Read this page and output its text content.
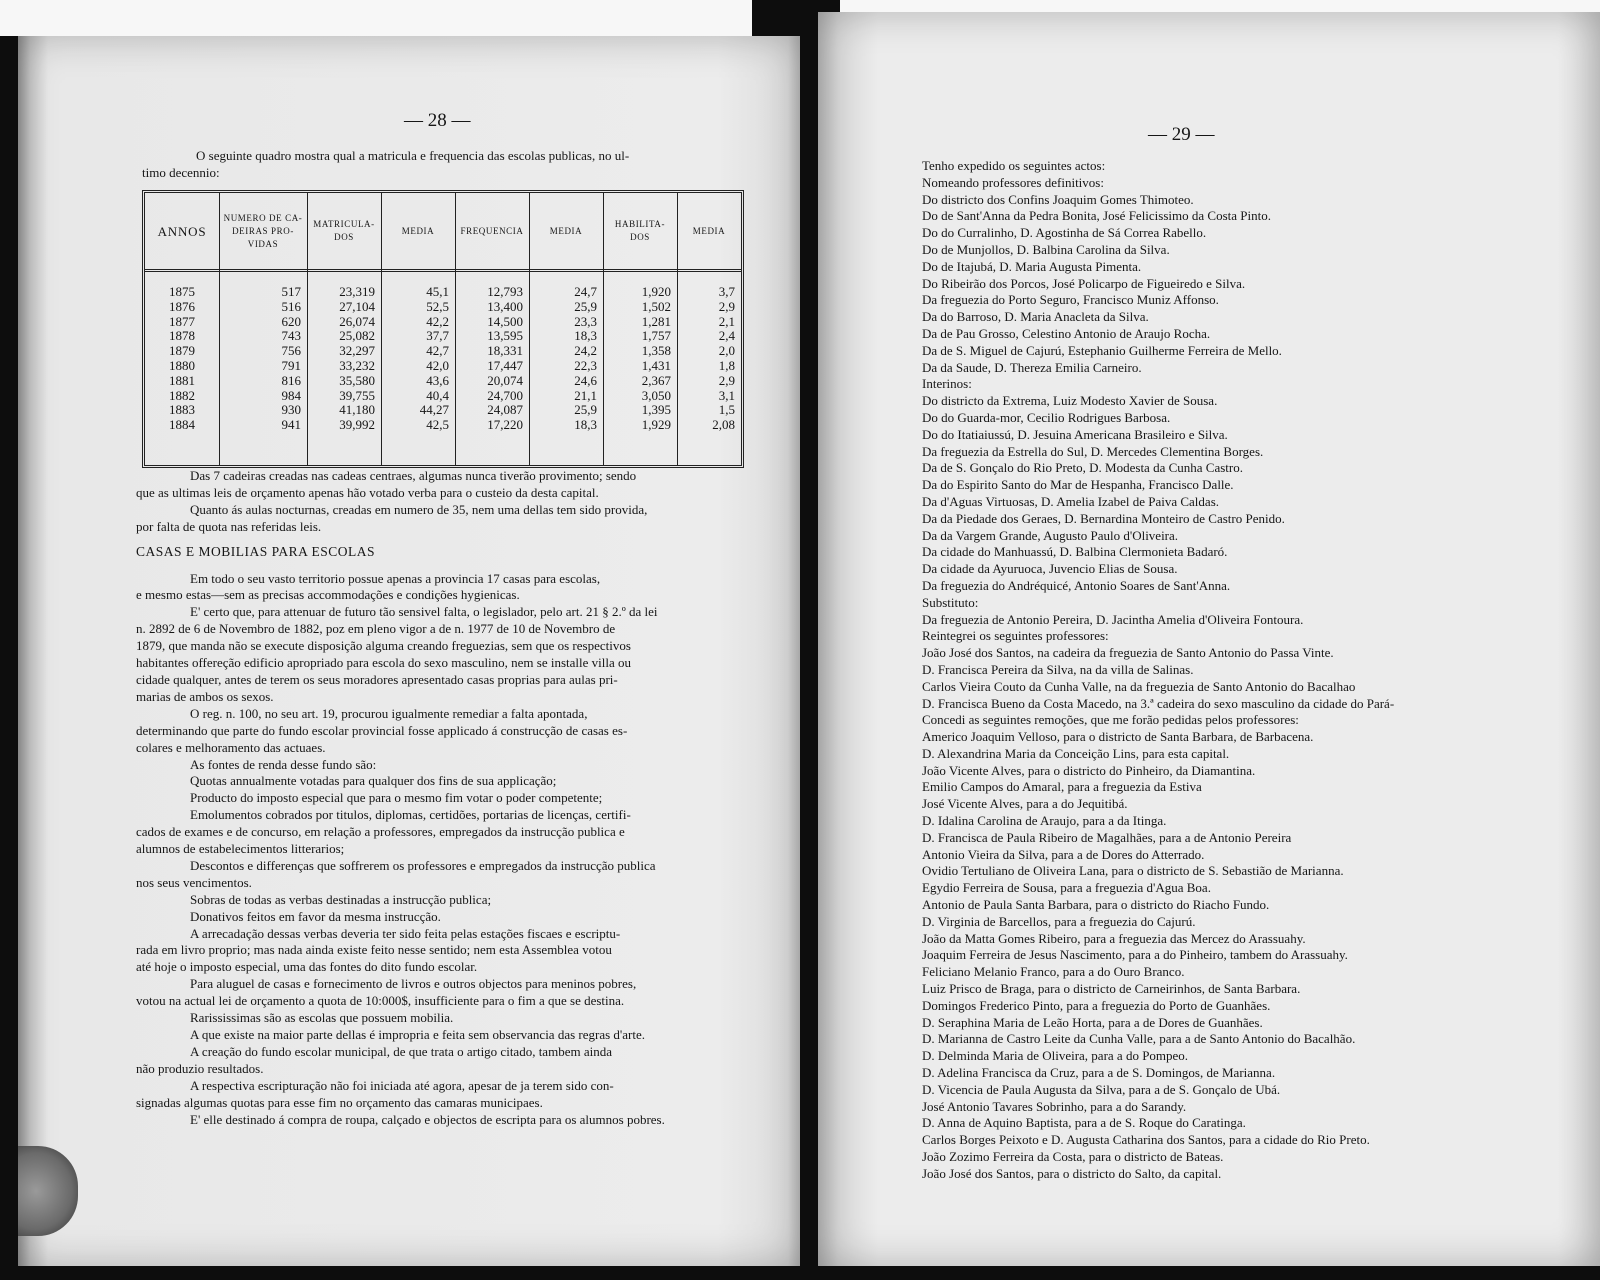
— 28 —

O seguinte quadro mostra qual a matricula e frequencia das escolas publicas, no ul-

timo decennio:

ANNOS
1875
1876
1877
1878
1879
1880
1881
1882
1883
1884
NUMERO DE CA-DEIRAS PRO-VIDAS
517
516
620
743
756
791
816
984
930
941
MATRICULA-DOS
23,319
27,104
26,074
25,082
32,297
33,232
35,580
39,755
41,180
39,992
MEDIA
45,1
52,5
42,2
37,7
42,7
42,0
43,6
40,4
44,27
42,5
FREQUENCIA
12,793
13,400
14,500
13,595
18,331
17,447
20,074
24,700
24,087
17,220
MEDIA
24,7
25,9
23,3
18,3
24,2
22,3
24,6
21,1
25,9
18,3
HABILITA-DOS
1,920
1,502
1,281
1,757
1,358
1,431
2,367
3,050
1,395
1,929
MEDIA
3,7
2,9
2,1
2,4
2,0
1,8
2,9
3,1
1,5
2,08

Das 7 cadeiras creadas nas cadeas centraes, algumas nunca tiverão provimento; sendo

que as ultimas leis de orçamento apenas hão votado verba para o custeio da desta capital.

Quanto ás aulas nocturnas, creadas em numero de 35, nem uma dellas tem sido provida,

por falta de quota nas referidas leis.

CASAS E MOBILIAS PARA ESCOLAS

Em todo o seu vasto territorio possue apenas a provincia 17 casas para escolas,

e mesmo estas—sem as precisas accommodações e condições hygienicas.

E' certo que, para attenuar de futuro tão sensivel falta, o legislador, pelo art. 21 § 2.º da lei

n. 2892 de 6 de Novembro de 1882, poz em pleno vigor a de n. 1977 de 10 de Novembro de

1879, que manda não se execute disposição alguma creando freguezias, sem que os respectivos

habitantes offereção edificio apropriado para escola do sexo masculino, nem se installe villa ou

cidade qualquer, antes de terem os seus moradores apresentado casas proprias para aulas pri-

marias de ambos os sexos.

O reg. n. 100, no seu art. 19, procurou igualmente remediar a falta apontada,

determinando que parte do fundo escolar provincial fosse applicado á construcção de casas es-

colares e melhoramento das actuaes.

As fontes de renda desse fundo são:

Quotas annualmente votadas para qualquer dos fins de sua applicação;

Producto do imposto especial que para o mesmo fim votar o poder competente;

Emolumentos cobrados por titulos, diplomas, certidões, portarias de licenças, certifi-

cados de exames e de concurso, em relação a professores, empregados da instrucção publica e

alumnos de estabelecimentos litterarios;

Descontos e differenças que soffrerem os professores e empregados da instrucção publica

nos seus vencimentos.

Sobras de todas as verbas destinadas a instrucção publica;

Donativos feitos em favor da mesma instrucção.

A arrecadação dessas verbas deveria ter sido feita pelas estações fiscaes e escriptu-

rada em livro proprio; mas nada ainda existe feito nesse sentido; nem esta Assemblea votou

até hoje o imposto especial, uma das fontes do dito fundo escolar.

Para aluguel de casas e fornecimento de livros e outros objectos para meninos pobres,

votou na actual lei de orçamento a quota de 10:000$, insufficiente para o fim a que se destina.

Rarississimas são as escolas que possuem mobilia.

A que existe na maior parte dellas é impropria e feita sem observancia das regras d'arte.

A creação do fundo escolar municipal, de que trata o artigo citado, tambem ainda

não produzio resultados.

A respectiva escripturação não foi iniciada até agora, apesar de ja terem sido con-

signadas algumas quotas para esse fim no orçamento das camaras municipaes.

E' elle destinado á compra de roupa, calçado e objectos de escripta para os alumnos pobres.

— 29 —

Tenho expedido os seguintes actos:

Nomeando professores definitivos:

Do districto dos Confins Joaquim Gomes Thimoteo.

Do de Sant'Anna da Pedra Bonita, José Felicissimo da Costa Pinto.

Do do Curralinho, D. Agostinha de Sá Correa Rabello.

Do de Munjollos, D. Balbina Carolina da Silva.

Do de Itajubá, D. Maria Augusta Pimenta.

Do Ribeirão dos Porcos, José Policarpo de Figueiredo e Silva.

Da freguezia do Porto Seguro, Francisco Muniz Affonso.

Da do Barroso, D. Maria Anacleta da Silva.

Da de Pau Grosso, Celestino Antonio de Araujo Rocha.

Da de S. Miguel de Cajurú, Estephanio Guilherme Ferreira de Mello.

Da da Saude, D. Thereza Emilia Carneiro.

Interinos:

Do districto da Extrema, Luiz Modesto Xavier de Sousa.

Do do Guarda-mor, Cecilio Rodrigues Barbosa.

Do do Itatiaiussú, D. Jesuina Americana Brasileiro e Silva.

Da freguezia da Estrella do Sul, D. Mercedes Clementina Borges.

Da de S. Gonçalo do Rio Preto, D. Modesta da Cunha Castro.

Da do Espirito Santo do Mar de Hespanha, Francisco Dalle.

Da d'Aguas Virtuosas, D. Amelia Izabel de Paiva Caldas.

Da da Piedade dos Geraes, D. Bernardina Monteiro de Castro Penido.

Da da Vargem Grande, Augusto Paulo d'Oliveira.

Da cidade do Manhuassú, D. Balbina Clermonieta Badaró.

Da cidade da Ayuruoca, Juvencio Elias de Sousa.

Da freguezia do Andréquicé, Antonio Soares de Sant'Anna.

Substituto:

Da freguezia de Antonio Pereira, D. Jacintha Amelia d'Oliveira Fontoura.

Reintegrei os seguintes professores:

João José dos Santos, na cadeira da freguezia de Santo Antonio do Passa Vinte.

D. Francisca Pereira da Silva, na da villa de Salinas.

Carlos Vieira Couto da Cunha Valle, na da freguezia de Santo Antonio do Bacalhao

D. Francisca Bueno da Costa Macedo, na 3.ª cadeira do sexo masculino da cidade do Pará-

Concedi as seguintes remoções, que me forão pedidas pelos professores:

Americo Joaquim Velloso, para o districto de Santa Barbara, de Barbacena.

D. Alexandrina Maria da Conceição Lins, para esta capital.

João Vicente Alves, para o districto do Pinheiro, da Diamantina.

Emilio Campos do Amaral, para a freguezia da Estiva

José Vicente Alves, para a do Jequitibá.

D. Idalina Carolina de Araujo, para a da Itinga.

D. Francisca de Paula Ribeiro de Magalhães, para a de Antonio Pereira

Antonio Vieira da Silva, para a de Dores do Atterrado.

Ovidio Tertuliano de Oliveira Lana, para o districto de S. Sebastião de Marianna.

Egydio Ferreira de Sousa, para a freguezia d'Agua Boa.

Antonio de Paula Santa Barbara, para o districto do Riacho Fundo.

D. Virginia de Barcellos, para a freguezia do Cajurú.

João da Matta Gomes Ribeiro, para a freguezia das Mercez do Arassuahy.

Joaquim Ferreira de Jesus Nascimento, para a do Pinheiro, tambem do Arassuahy.

Feliciano Melanio Franco, para a do Ouro Branco.

Luiz Prisco de Braga, para o districto de Carneirinhos, de Santa Barbara.

Domingos Frederico Pinto, para a freguezia do Porto de Guanhães.

D. Seraphina Maria de Leão Horta, para a de Dores de Guanhães.

D. Marianna de Castro Leite da Cunha Valle, para a de Santo Antonio do Bacalhão.

D. Delminda Maria de Oliveira, para a do Pompeo.

D. Adelina Francisca da Cruz, para a de S. Domingos, de Marianna.

D. Vicencia de Paula Augusta da Silva, para a de S. Gonçalo de Ubá.

José Antonio Tavares Sobrinho, para a do Sarandy.

D. Anna de Aquino Baptista, para a de S. Roque do Caratinga.

Carlos Borges Peixoto e D. Augusta Catharina dos Santos, para a cidade do Rio Preto.

João Zozimo Ferreira da Costa, para o districto de Bateas.

João José dos Santos, para o districto do Salto, da capital.
